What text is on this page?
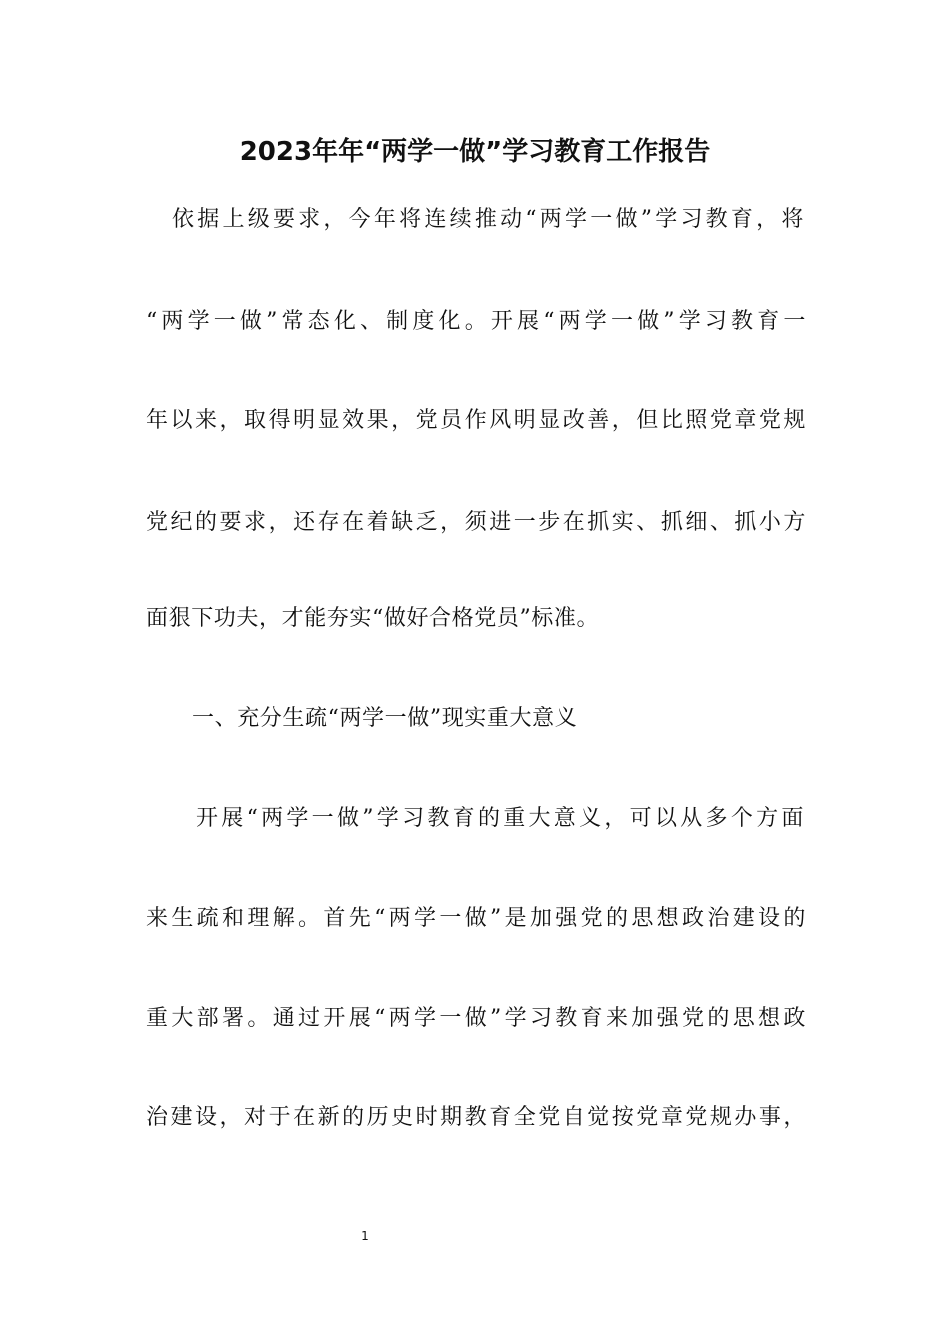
2023年年“两学一做”学习教育工作报告
依据上级要求，今年将连续推动“两学一做”学习教育，将
“两学一做”常态化、制度化。开展“两学一做”学习教育一
年以来，取得明显效果，党员作风明显改善，但比照党章党规
党纪的要求，还存在着缺乏，须进一步在抓实、抓细、抓小方
面狠下功夫，才能夯实“做好合格党员”标准。
一、充分生疏“两学一做”现实重大意义
开展“两学一做”学习教育的重大意义，可以从多个方面
来生疏和理解。首先“两学一做”是加强党的思想政治建设的
重大部署。通过开展“两学一做”学习教育来加强党的思想政
治建设，对于在新的历史时期教育全党自觉按党章党规办事，
1
